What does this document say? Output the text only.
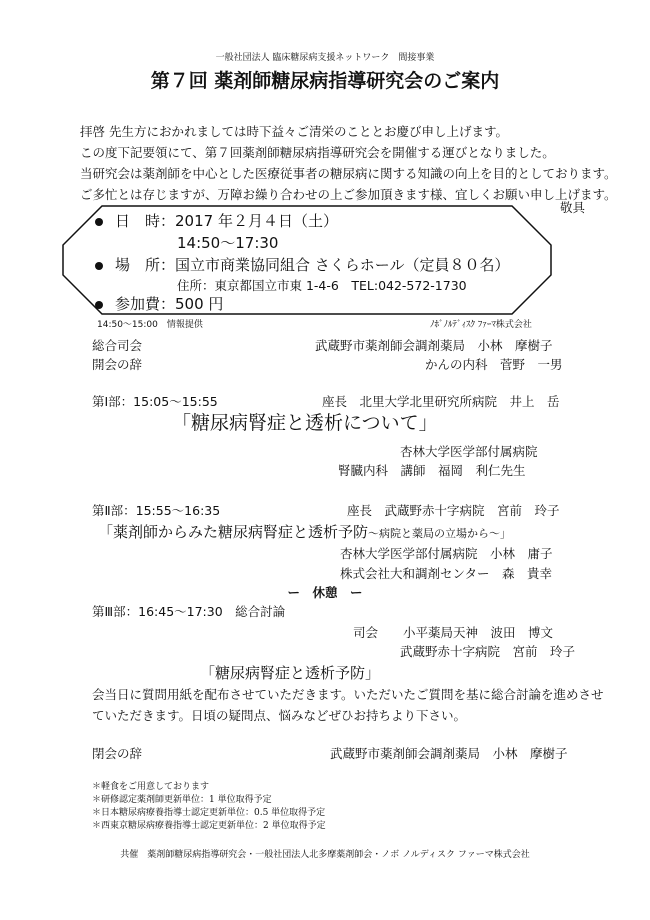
一般社団法人 臨床糖尿病支援ネットワーク　間接事業
第７回 薬剤師糖尿病指導研究会のご案内
拝啓 先生方におかれましては時下益々ご清栄のこととお慶び申し上げます。
この度下記要領にて、第７回薬剤師糖尿病指導研究会を開催する運びとなりました。
当研究会は薬剤師を中心とした医療従事者の糖尿病に関する知識の向上を目的としております。
ご多忙とは存じますが、万障お繰り合わせの上ご参加頂きます様、宜しくお願い申し上げます。
敬具
日　時：2017 年２月４日（土）
14:50～17:30
場　所：国立市商業協同組合 さくらホール（定員８０名）
住所：東京都国立市東 1-4-6　TEL:042-572-1730
参加費：500 円
14:50～15:00　情報提供	ﾉﾎﾞﾉﾙﾃﾞｨｽｸ ﾌｧｰﾏ株式会社
総合司会	武蔵野市薬剤師会調剤薬局　小林　摩樹子
開会の辞	かんの内科　菅野　一男
第Ⅰ部：15:05～15:55	座長　北里大学北里研究所病院　井上　岳
「糖尿病腎症と透析について」
杏林大学医学部付属病院
腎臓内科　講師　福岡　利仁先生
第Ⅱ部：15:55～16:35	座長　武蔵野赤十字病院　宮前　玲子
「薬剤師からみた糖尿病腎症と透析予防～病院と薬局の立場から～」
杏林大学医学部付属病院　小林　庸子
株式会社大和調剤センター　森　貴幸
ー　休憩　ー
第Ⅲ部：16:45～17:30　総合討論
司会　　小平薬局天神　波田　博文
武蔵野赤十字病院　宮前　玲子
「糖尿病腎症と透析予防」
会当日に質問用紙を配布させていただきます。いただいたご質問を基に総合討論を進めさせ
ていただきます。日頃の疑問点、悩みなどぜひお持ちより下さい。
閉会の辞	武蔵野市薬剤師会調剤薬局　小林　摩樹子
＊軽食をご用意しております
＊研修認定薬剤師更新単位：1 単位取得予定
＊日本糖尿病療養指導士認定更新単位：0.5 単位取得予定
＊西東京糖尿病療養指導士認定更新単位：2 単位取得予定
共催　薬剤師糖尿病指導研究会・一般社団法人北多摩薬剤師会・ノボ ノルディスク ファーマ株式会社
